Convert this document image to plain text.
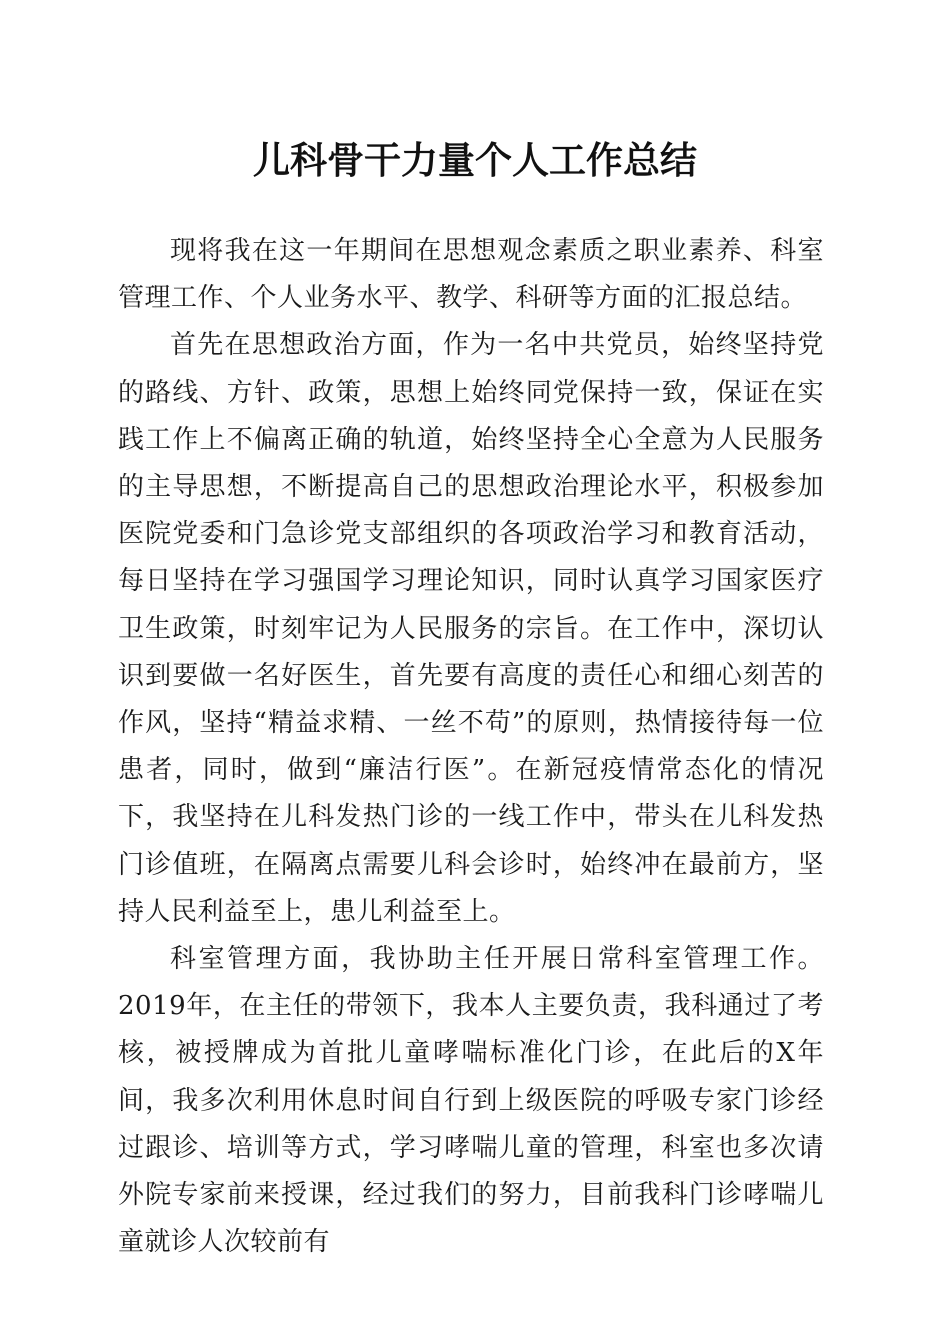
儿科骨干力量个人工作总结

现将我在这一年期间在思想观念素质之职业素养、科室管理工作、个人业务水平、教学、科研等方面的汇报总结。

首先在思想政治方面，作为一名中共党员，始终坚持党的路线、方针、政策，思想上始终同党保持一致，保证在实践工作上不偏离正确的轨道，始终坚持全心全意为人民服务的主导思想，不断提高自己的思想政治理论水平，积极参加医院党委和门急诊党支部组织的各项政治学习和教育活动，每日坚持在学习强国学习理论知识，同时认真学习国家医疗卫生政策，时刻牢记为人民服务的宗旨。在工作中，深切认识到要做一名好医生，首先要有高度的责任心和细心刻苦的作风，坚持“精益求精、一丝不苟”的原则，热情接待每一位患者，同时，做到“廉洁行医”。在新冠疫情常态化的情况下，我坚持在儿科发热门诊的一线工作中，带头在儿科发热门诊值班，在隔离点需要儿科会诊时，始终冲在最前方，坚持人民利益至上，患儿利益至上。

科室管理方面，我协助主任开展日常科室管理工作。2019年，在主任的带领下，我本人主要负责，我科通过了考核，被授牌成为首批儿童哮喘标准化门诊，在此后的X年间，我多次利用休息时间自行到上级医院的呼吸专家门诊经过跟诊、培训等方式，学习哮喘儿童的管理，科室也多次请外院专家前来授课，经过我们的努力，目前我科门诊哮喘儿童就诊人次较前有
